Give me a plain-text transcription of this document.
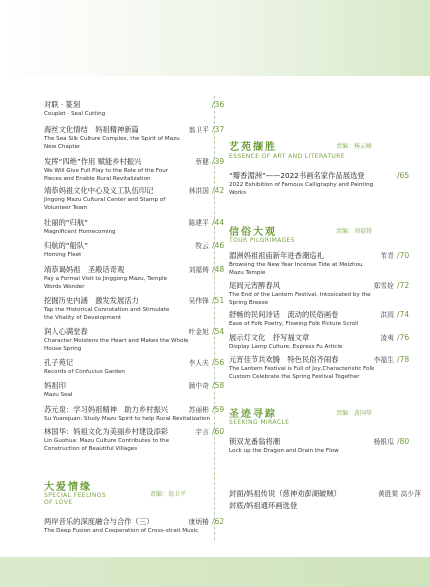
对联 · 篆刻	/36
Couplet · Seal Cutting
海丝文化情结　妈祖精神新篇	翁卫平 /37
The Sea Silk Culture Complex, the Spirit of Mazu
New Chapter
发挥“四绝”作用 赋能乡村振兴	蔡健 /39
We Will Give Full Play to the Role of the Four
Pieces and Enable Rural Revitalization
靖恭妈祖文化中心及义工队伍印记	林洪国 /42
Jingong Mazu Cultural Center and Stamp of
Volunteer Team
壮丽的“归航”	陈建平 /44
Magnificent Homecoming
归航的“船队”	牧云 /46
Homing Fleet
靖恭谒妈祖　圣殿话奇观	刘福铸 /48
Pay a Formal Visit to Jinggong Mazu, Temple
Words Wonder
挖掘历史内涵　激发发展活力	吴伟锋 /51
Tap the Historical Connotation and Stimulate
the Vitality of Development
润人心满堂春	叶金旭 /54
Character Moistens the Heart and Makes the Whole
House Spring
孔子苑记	李人夫 /56
Records of Confucius Garden
妈祖印	顾中奇 /58
Mazu Seal
苏元泉：学习妈祖精神　助力乡村振兴	苏丽彬 /59
Su Yuanquan: Study Mazu Spirit to help Rural Revitalization
林国华：妈祖文化为美丽乡村建设添彩	宇言 /60
Lin Guohua: Mazu Culture Contributes to the
Construction of Beautiful Villages
大爱情缘
SPECIAL FEELINGS
OF LOVE
责编：翁卫平
两岸音乐的深度融合与合作（三）	康炳椿 /62
The Deep Fusion and Cooperation of Cross–strait Music
艺苑撷胜	责编：杨云峰
ESSENCE OF ART AND LITERATURE
“瓣香湄洲”——2022书画名家作品展选登	/65
2022 Exhibition of Famous Calligraphy and Painting
Works
信俗大观	责编：刘福铸
TOUR PILGRIMAGES
湄洲妈祖祖庙新年进香潮巡礼	苇青 /70
Browsing the New Year Incense Tide at Meizhou
Mazu Temple
尾闾元宵醉春风	郑雪铨 /72
The End of the Lantern Festival, Intoxicated by the
Spring Breeze
舒畅的民间诗话　流动的民俗画卷	洪园 /74
Ease of Folk Poetry, Flowing Folk Picture Scroll
展示灯文化　抒写福文章	凌夷 /76
Display Lamp Culture, Express Fu Article
元宵佳节共欢腾　特色民俗齐闹春	李福生 /78
The Lantern Festival is Full of Joy,Characteristic Folk
Custom Celebrate the Spring Festival Together
圣迹寻踪	责编：黄国华
SEEKING MIRACLE
锁双龙番翁将潮	杨银瓜 /80
Lock up the Dragon and Drain the Flow
封面/妈祖传说（慈神劝澎湖破贼）	黄胜棠 高少萍
封底/妈祖通环画选登
